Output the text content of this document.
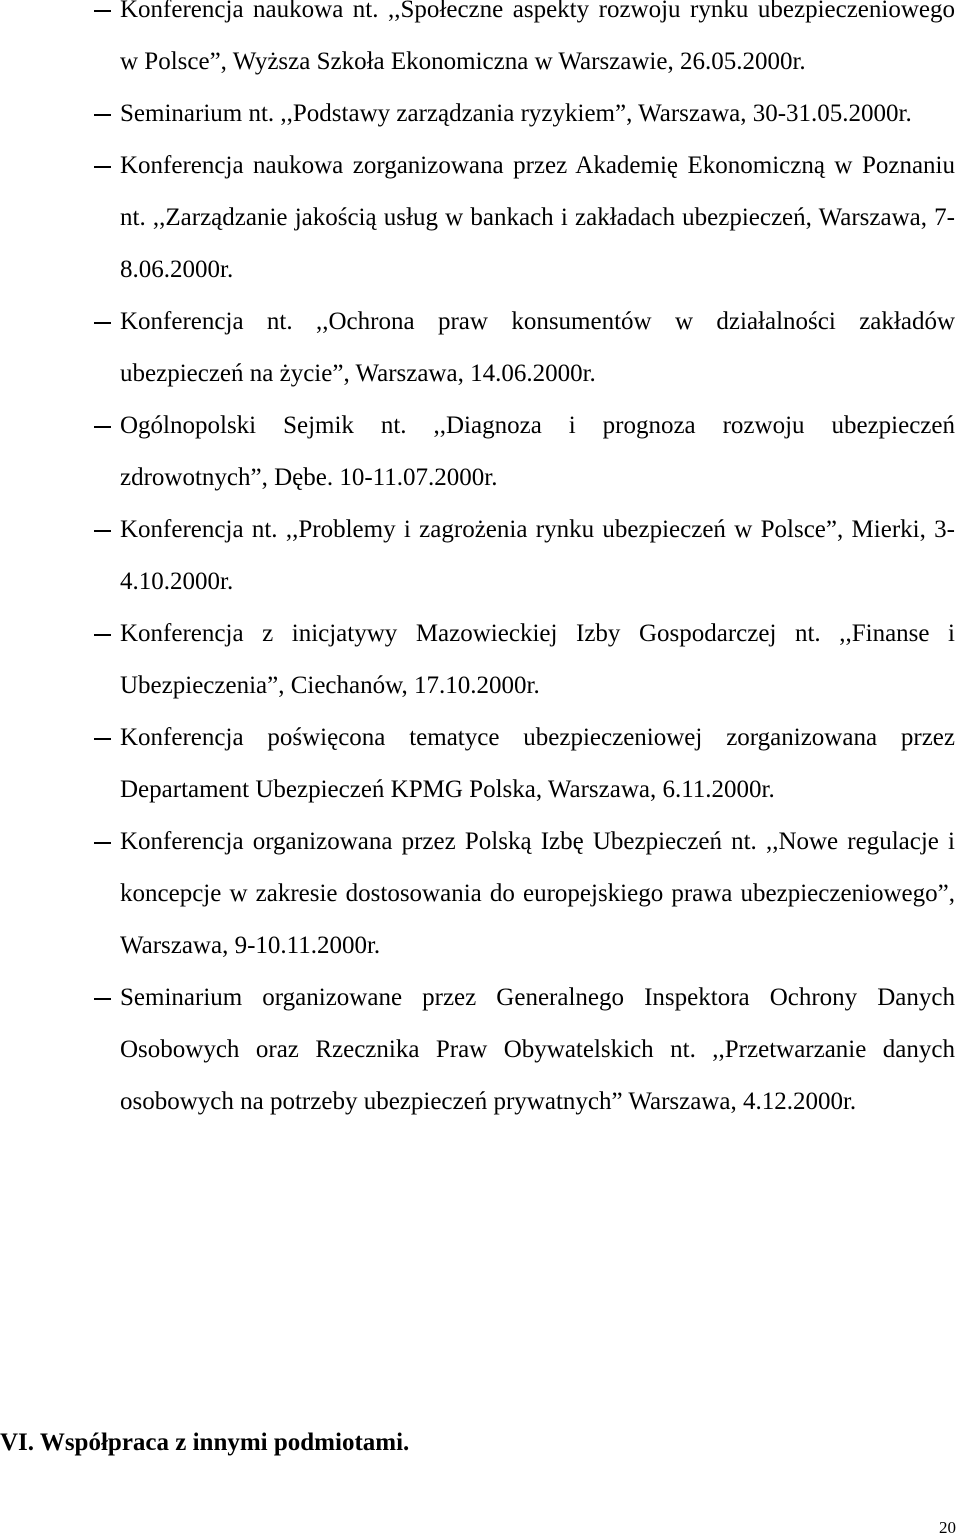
Konferencja naukowa nt. ,,Społeczne aspekty rozwoju rynku ubezpieczeniowego w Polsce”, Wyższa Szkoła Ekonomiczna w Warszawie, 26.05.2000r.
Seminarium nt. ,,Podstawy zarządzania ryzykiem”, Warszawa, 30-31.05.2000r.
Konferencja naukowa zorganizowana przez Akademię Ekonomiczną w Poznaniu nt. ,,Zarządzanie jakością usług w bankach i zakładach ubezpieczeń, Warszawa, 7-8.06.2000r.
Konferencja nt. ,,Ochrona praw konsumentów w działalności zakładów ubezpieczeń na życie”, Warszawa, 14.06.2000r.
Ogólnopolski Sejmik nt. ,,Diagnoza i prognoza rozwoju ubezpieczeń zdrowotnych”, Dębe. 10-11.07.2000r.
Konferencja nt. ,,Problemy i zagrożenia rynku ubezpieczeń w Polsce”, Mierki, 3-4.10.2000r.
Konferencja z inicjatywy Mazowieckiej Izby Gospodarczej nt. ,,Finanse i Ubezpieczenia”, Ciechanów, 17.10.2000r.
Konferencja poświęcona tematyce ubezpieczeniowej zorganizowana przez Departament Ubezpieczeń KPMG Polska, Warszawa, 6.11.2000r.
Konferencja organizowana przez Polską Izbę Ubezpieczeń nt. ,,Nowe regulacje i koncepcje w zakresie dostosowania do europejskiego prawa ubezpieczeniowego”, Warszawa, 9-10.11.2000r.
Seminarium organizowane przez Generalnego Inspektora Ochrony Danych Osobowych oraz Rzecznika Praw Obywatelskich nt. ,,Przetwarzanie danych osobowych na potrzeby ubezpieczeń prywatnych” Warszawa, 4.12.2000r.
VI. Współpraca z innymi podmiotami.
20
